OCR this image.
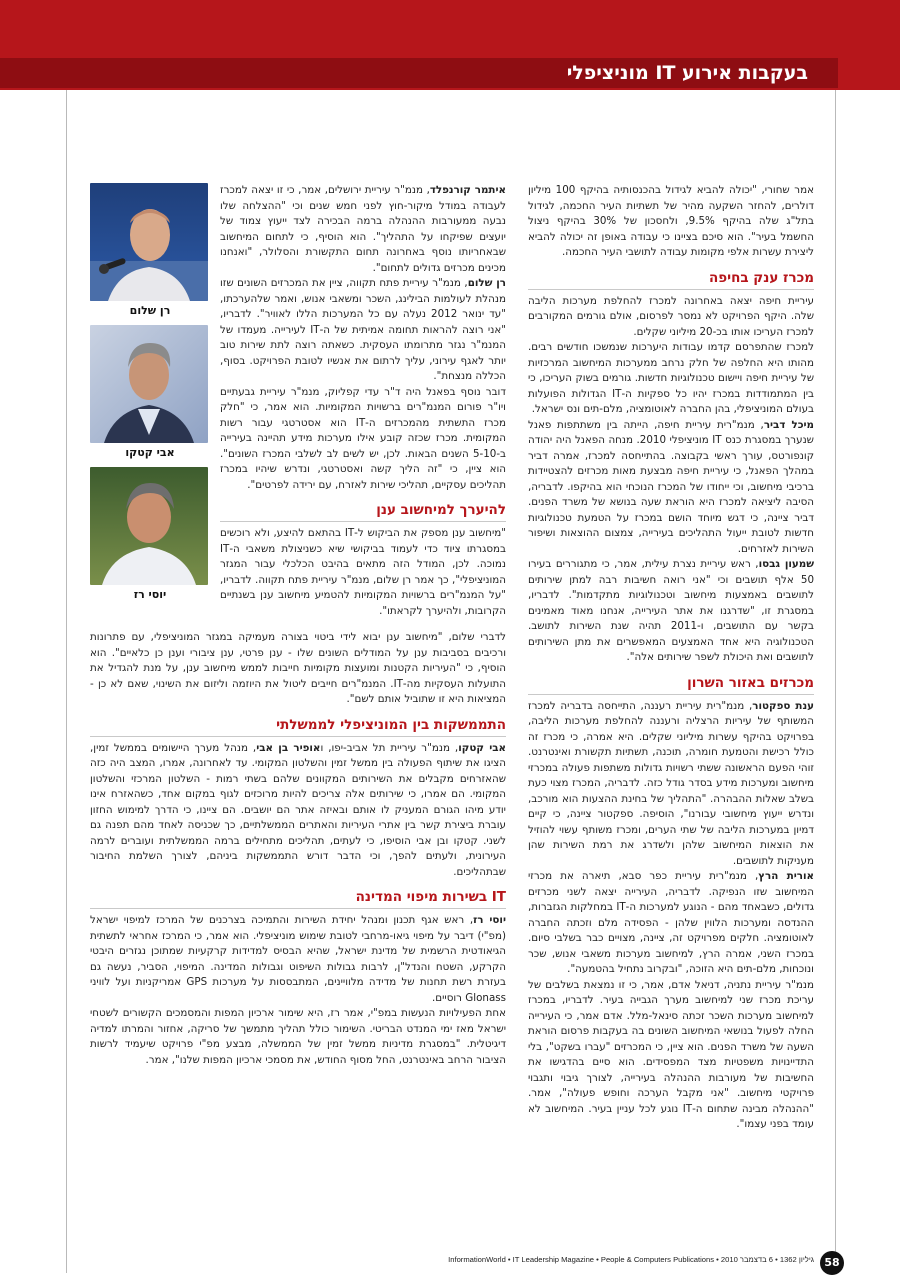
בעקבות אירוע IT מוניציפלי
רן שלום
אבי קטקו
יוסי רז

אמר שחורי, "יכולה להביא לגידול בהכנסותיה בהיקף 100 מיליון דולרים, להחזר השקעה מהיר של תשתיות העיר החכמה, לגידול בתל"ג שלה בהיקף 9.5%, ולחסכון של 30% בהיקף ניצול החשמל בעיר". הוא סיכם בציינו כי עבודה באופן זה יכולה להביא ליצירת עשרות אלפי מקומות עבודה לתושבי העיר החכמה.

מכרז ענק בחיפה

עיריית חיפה יצאה באחרונה למכרז להחלפת מערכות הליבה שלה. היקף הפרויקט לא נמסר לפרסום, אולם גורמים המקורבים למכרז העריכו אותו בכ-20 מיליוני שקלים.

למכרז שהתפרסם קדמו עבודות היערכות שנמשכו חודשים רבים. מהותו היא החלפה של חלק נרחב ממערכות המיחשוב המרכזיות של עיריית חיפה ויישום טכנולוגיות חדשות. גורמים בשוק העריכו, כי בין המתמודדות במכרז יהיו כל ספקיות ה-IT הגדולות הפועלות בעולם המוניציפלי, בהן החברה לאוטומציה, מלם-תים ונס ישראל.

מיכל דביר, מנמ"רית עיריית חיפה, הייתה בין משתתפות פאנל שנערך במסגרת כנס IT מוניציפלי 2010. מנחה הפאנל היה יהודה קונפורטס, עורך ראשי בקבוצה. בהתייחסה למכרז, אמרה דביר במהלך הפאנל, כי עיריית חיפה מבצעת מאות מכרזים להצטיידות ברכיבי מיחשוב, וכי ייחודו של המכרז הנוכחי הוא בהיקפו. לדבריה, הסיבה ליציאה למכרז היא הוראת שעה בנושא של משרד הפנים. דביר ציינה, כי דגש מיוחד הושם במכרז על הטמעת טכנולוגיות חדשות לטובת ייעול התהליכים בעירייה, צמצום ההוצאות ושיפור השירות לאזרחים.

שמעון גבסו, ראש עיריית נצרת עילית, אמר, כי מתגוררים בעירו 50 אלף תושבים וכי "אני רואה חשיבות רבה למתן שירותים לתושבים באמצעות מיחשוב וטכנולוגיות מתקדמות". לדבריו, במסגרת זו, "שדרגנו את אתר העירייה, אנחנו מאוד מאמינים בקשר עם התושבים, ו-2011 תהיה שנת השירות לתושב. הטכנולוגיה היא אחד האמצעים המאפשרים את מתן השירותים לתושבים ואת היכולת לשפר שירותים אלה".

מכרזים באזור השרון

ענת ספקטור, מנמ"רית עיריית רעננה, התייחסה בדבריה למכרז המשותף של עיריות הרצליה ורעננה להחלפת מערכות הליבה, בפרויקט בהיקף עשרות מיליוני שקלים. היא אמרה, כי מכרז זה כולל רכישת והטמעת חומרה, תוכנה, תשתיות תקשורת ואינטרנט. זוהי הפעם הראשונה ששתי רשויות גדולות משתפות פעולה במכרזי מיחשוב ומערכות מידע בסדר גודל כזה. לדבריה, המכרז מצוי כעת בשלב שאלות ההבהרה. "התהליך של בחינת ההצעות הוא מורכב, ונדרש ייעוץ מיחשובי עבורנו", הוסיפה. ספקטור ציינה, כי קיים דמיון במערכות הליבה של שתי הערים, ומכרז משותף עשוי להוזיל את הוצאות המיחשוב שלהן ולשדרג את רמת השירות שהן מעניקות לתושבים.

אורית הרץ, מנמ"רית עיריית כפר סבא, תיארה את מכרזי המיחשוב שזו הנפיקה. לדבריה, העירייה יצאה לשני מכרזים גדולים, כשבאחד מהם - הנוגע למערכות ה-IT במחלקות הגזברות, ההנדסה ומערכות הלווין שלהן - הפסידה מלם וזכתה החברה לאוטומציה. חלקים מפרויקט זה, ציינה, מצויים כבר בשלבי סיום. במכרז השני, אמרה הרץ, למיחשוב מערכות משאבי אנוש, שכר ונוכחות, מלם-תים היא הזוכה, "ובקרוב נתחיל בהטמעה".

מנמ"ר עיריית נתניה, דניאל אדם, אמר, כי זו נמצאת בשלבים של עריכת מכרז שני למיחשוב מערך הגבייה בעיר. לדבריו, במכרז למיחשוב מערכות השכר זכתה סינאל-מלל. אדם אמר, כי העירייה החלה לפעול בנושאי המיחשוב השונים בה בעקבות פרסום הוראת השעה של משרד הפנים. הוא ציין, כי המכרזים "עברו בשקט", בלי התדיינויות משפטיות מצד המפסידים. הוא סיים בהדגישו את החשיבות של מעורבות ההנהלה בעירייה, לצורך גיבוי ותגבוי פרויקטי מיחשוב. "אני מקבל הערכה וחופש פעולה", אמר. "ההנהלה מבינה שתחום ה-IT נוגע לכל עניין בעיר. המיחשוב לא עומד בפני עצמו".

איתמר קורנפלד, מנמ"ר עיריית ירושלים, אמר, כי זו יצאה למכרז לעבודה במודל מיקור-חוץ לפני חמש שנים וכי "ההצלחה שלו נבעה ממעורבות ההנהלה ברמה הבכירה לצד ייעוץ צמוד של יועצים שפיקחו על התהליך". הוא הוסיף, כי לתחום המיחשוב שבאחריותו נוסף באחרונה תחום התקשורת והסלולר, "ואנחנו מכינים מכרזים גדולים לתחום".

רן שלום, מנמ"ר עיריית פתח תקווה, ציין את המכרזים השונים שזו מנהלת לעולמות הבילינג, השכר ומשאבי אנוש, ואמר שלהערכתו, "עד ינואר 2012 נעלה עם כל המערכות הללו לאוויר". לדבריו, "אני רוצה להראות תחומה אמיתית של ה-IT לעירייה. מעמדו של המנמ"ר נגזר מתרומתו העסקית. כשאתה רוצה לתת שירות טוב יותר לאגף עירוני, עליך לרתום את אנשיו לטובת הפרויקט. בסוף, הכללה מנצחת".

דובר נוסף בפאנל היה ד"ר עדי קפליוק, מנמ"ר עיריית גבעתיים ויו"ר פורום המנמ"רים ברשויות המקומיות. הוא אמר, כי "חלק מכרז התשתית מהמכרזים ה-IT הוא אסטרטגי עבור רשות המקומית. מכרז שכזה קובע אילו מערכות מידע תהיינה בעירייה ב-5-10 השנים הבאות. לכן, יש לשים לב לשלבי המכרז השונים". הוא ציין, כי "זה הליך קשה ואסטרטגי, ונדרש שיהיו במכרז תהליכים עסקיים, תהליכי שירות לאזרח, עם ירידה לפרטים".

להיערך למיחשוב ענן

"מיחשוב ענן מספק את הביקוש ל-IT בהתאם להיצע, ולא רוכשים במסגרתו ציוד כדי לעמוד בביקושי שיא כשניצולת משאבי ה-IT נמוכה. לכן, המודל הזה מתאים בהיבט הכלכלי עבור המגזר המוניציפלי", כך אמר רן שלום, מנמ"ר עיריית פתח תקווה. לדבריו, "על המנמ"רים ברשויות המקומיות להטמיע מיחשוב ענן בשנתיים הקרובות, ולהיערך לקראתו".

לדברי שלום, "מיחשוב ענן יבוא לידי ביטוי בצורה מעמיקה במגזר המוניציפלי, עם פתרונות ורכיבים בסביבות ענן על המודלים השונים שלו - ענן פרטי, ענן ציבורי וענן כן כלאיים". הוא הוסיף, כי "העיריות הקטנות ומועצות מקומיות חייבות לממש מיחשוב ענן, על מנת להגדיל את התועלות העסקיות מה-IT. המנמ"רים חייבים ליטול את היוזמה וליזום את השינוי, שאם לא כן - המציאות היא זו שתוביל אותם לשם".

התממשקות בין המוניציפלי לממשלתי

אבי קטקו, מנמ"ר עיריית תל אביב-יפו, ואופיר בן אבי, מנהל מערך היישומים בממשל זמין, הציגו את שיתוף הפעולה בין ממשל זמין והשלטון המקומי. עד לאחרונה, אמרו, המצב היה כזה שהאזרחים מקבלים את השירותים המקוונים שלהם בשתי רמות - השלטון המרכזי והשלטון המקומי. הם אמרו, כי שירותים אלה צריכים להיות מרוכזים לגוף במקום אחד, כשהאזרח אינו יודע מיהו הגורם המעניק לו אותם ובאיזה אתר הם יושבים. הם ציינו, כי הדרך למימוש החזון עוברת ביצירת קשר בין אתרי העיריות והאתרים הממשלתיים, כך שכניסה לאחד מהם תפנה גם לשני. קטקו ובן אבי הוסיפו, כי לעתים, תהליכים מתחילים ברמה הממשלתית ועוברים לרמה העירונית, ולעתים להפך, וכי הדבר דורש התממשקות ביניהם, לצורך השלמת החיבור שבתהליכים.

IT בשירות מיפוי המדינה

יוסי רז, ראש אגף תכנון ומנהל יחידת השירות והתמיכה בצרכנים של המרכז למיפוי ישראל (מפ"י) דיבר על מיפוי גיאו-מרחבי לטובת שימוש מוניציפלי. הוא אמר, כי המרכז אחראי לתשתית הגיאודטית הרשמית של מדינת ישראל, שהיא הבסיס למדידות קרקעיות שמתוכן נגזרים היבטי הקרקע, השטח והנדל"ן, לרבות גבולות השיפוט וגבולות המדינה. המיפוי, הסביר, נעשה גם בעזרת רשת תחנות של מדידה מלוויינים, המתבססות על מערכות GPS אמריקניות ועל לוויני Glonass רוסיים.

אחת הפעילויות הנעשות במפ"י, אמר רז, היא שימור ארכיון המפות והמסמכים הקשורים לשטחי ישראל מאז ימי המנדט הבריטי. השימור כולל תהליך מתמשך של סריקה, אחזור והמרתו למדיה דיגיטלית. "במסגרת מדיניות ממשל זמין של הממשלה, מבצע מפ"י פרויקט שיעמיד לרשות הציבור הרחב באינטרנט, החל מסוף החודש, את מסמכי ארכיון המפות שלנו", אמר.

58
InformationWorld • IT Leadership Magazine • People & Computers Publications • 2010 גיליון 1362 • 6 בדצמבר
